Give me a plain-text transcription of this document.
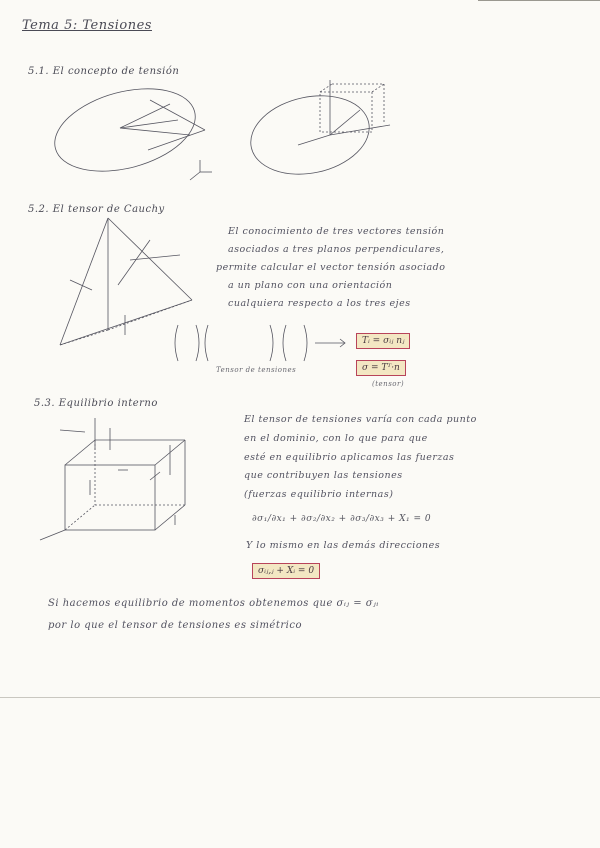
Tema 5: Tensiones
5.1. El concepto de tensión
5.2. El tensor de Cauchy
El conocimiento de tres vectores tensión
asociados a tres planos perpendiculares,
permite calcular el vector tensión asociado
a un plano con una orientación
cualquiera respecto a los tres ejes
Tensor de tensiones
Tᵢ = σᵢⱼ nⱼ
σ = Tᵀ·n
(tensor)
5.3. Equilibrio interno
El tensor de tensiones varía con cada punto
en el dominio, con lo que para que
esté en equilibrio aplicamos las fuerzas
que contribuyen las tensiones
(fuerzas equilibrio internas)
∂σ₁/∂x₁ + ∂σ₂/∂x₂ + ∂σ₃/∂x₃ + X₁ = 0
Y lo mismo en las demás direcciones
σᵢⱼ,ⱼ + Xᵢ = 0
Si hacemos equilibrio de momentos obtenemos que σᵢⱼ = σⱼᵢ
por lo que el tensor de tensiones es simétrico
